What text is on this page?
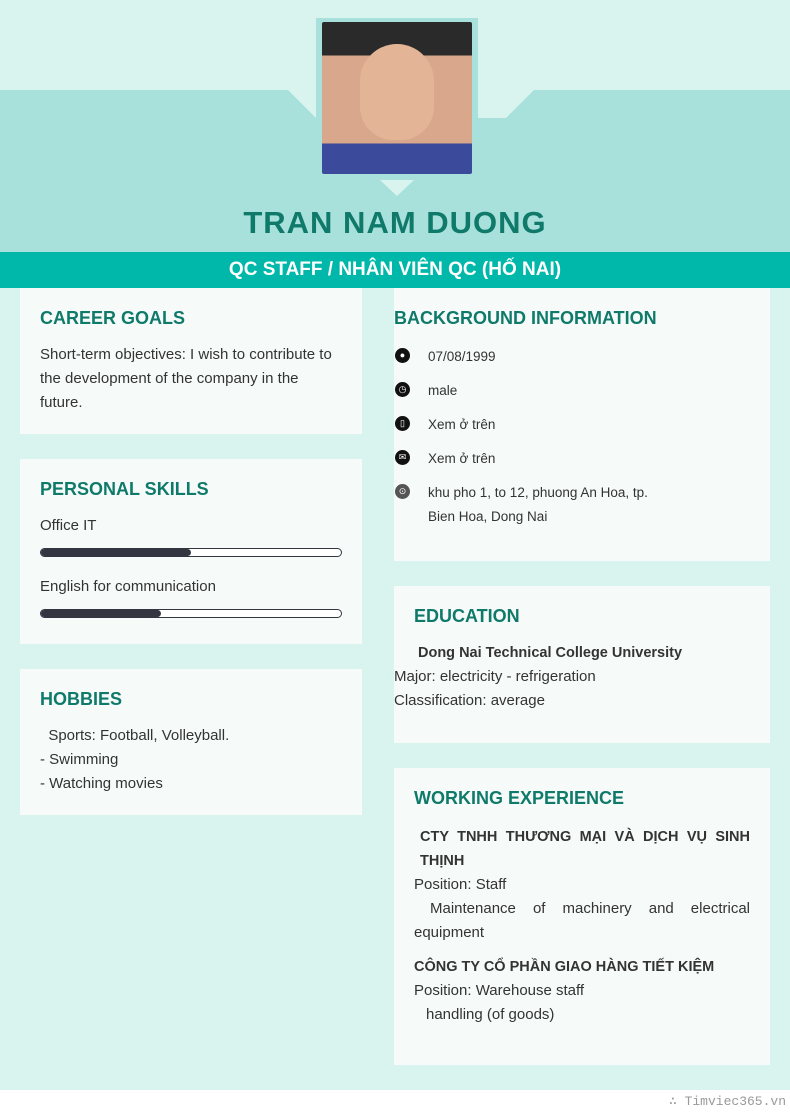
TRAN NAM DUONG
QC STAFF / NHÂN VIÊN QC (HỐ NAI)
CAREER GOALS

Short-term objectives: I wish to contribute to the development of the company in the future.

PERSONAL SKILLS

Office IT

English for communication

HOBBIES

Sports: Football, Volleyball.

- Swimming

- Watching movies

BACKGROUND INFORMATION
●	07/08/1999
◷ male
▯	Xem ở trên
✉ Xem ở trên
⊙ khu pho 1, to 12, phuong An Hoa, tp. Bien Hoa, Dong Nai
EDUCATION

Dong Nai Technical College University

Major: electricity - refrigeration

Classification: average

WORKING EXPERIENCE

CTY TNHH THƯƠNG MẠI VÀ DỊCH VỤ SINH THỊNH

Position: Staff

Maintenance of machinery and electrical equipment

CÔNG TY CỔ PHẦN GIAO HÀNG TIẾT KIỆM

Position: Warehouse staff

handling (of goods)

∴ Timviec365.vn
